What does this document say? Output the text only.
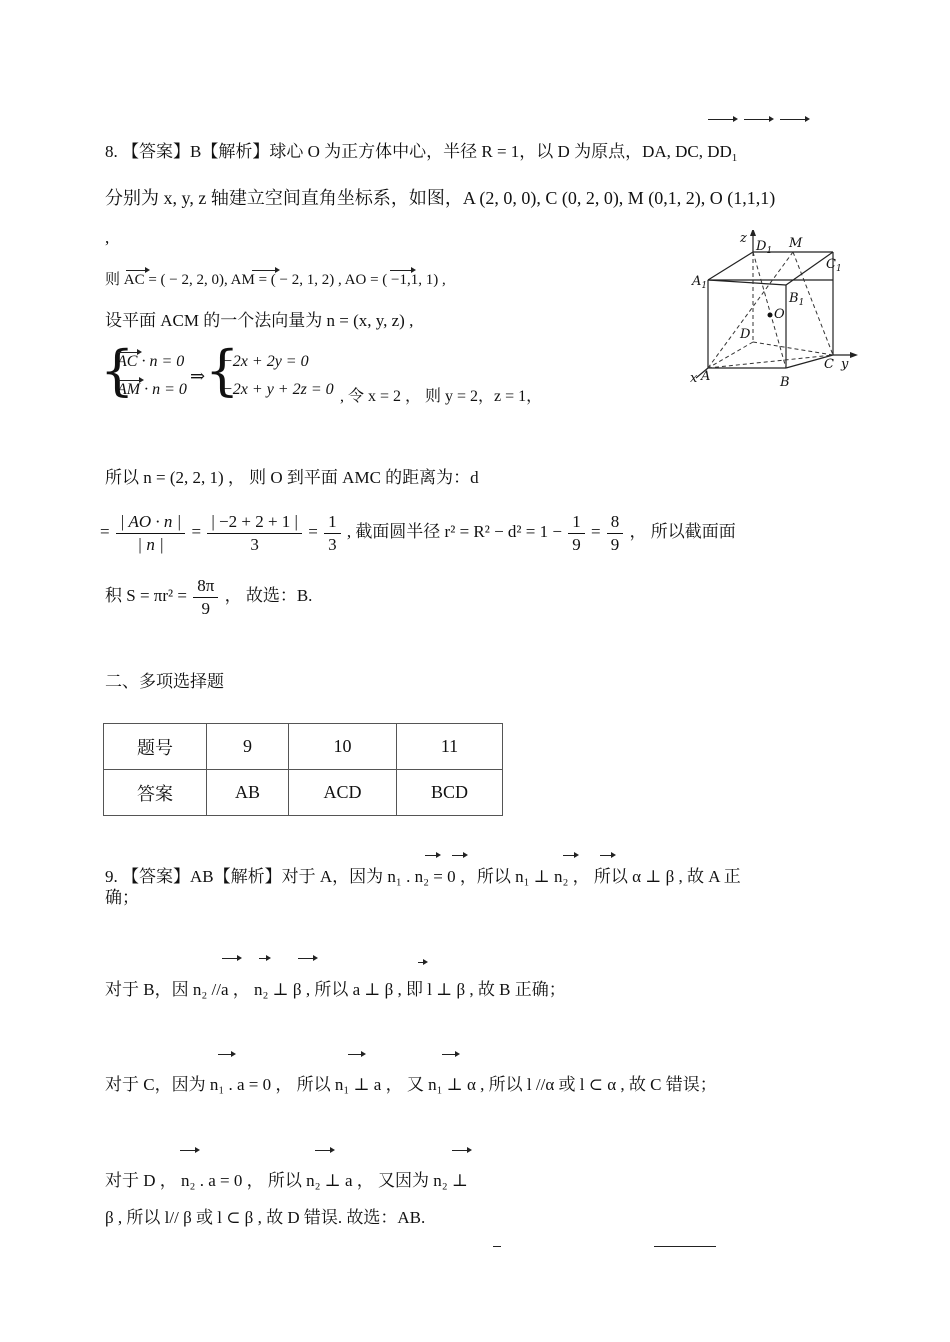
8. 【答案】B【解析】球心 O 为正方体中心，半径 R = 1，以 D 为原点，DA, DC, $DD_1$
分别为 x, y, z 轴建立空间直角坐标系，如图，A (2, 0, 0), C (0, 2, 0), M (0,1, 2), O (1,1,1)
,
则 AC = ( − 2, 2, 0), AM = ( − 2, 1, 2) , AO = ( −1,1, 1) ,
设平面 ACM 的一个法向量为 n = (x, y, z) ,
{
AC · n = 0
AM · n = 0
⇒ {
−2x + 2y = 0
−2x + y + 2z = 0 , 令 x = 2 ， 则 y = 2，z = 1，
z
$D_1$ M
$C_1$
$A_1$
$B_1$
O
D
C y
x A	B
所以 n = (2, 2, 1) ， 则 O 到平面 AMC 的距离为：d
= $\frac{| AO \cdot n |}{| n |} = \frac{| -2 + 2 + 1 |}{3} = \frac{1}{3}$ , 截面圆半径 $r^2 = R^2 - d^2 = 1 - \frac{1}{9} = \frac{8}{9}$ ， 所以截面面
积 $S = \pi r^2 = \frac{8\pi}{9}$ ， 故选：B.
二、多项选择题
题号	9	10	11
答案	AB	ACD	BCD
9. 【答案】AB【解析】对于 A，因为 n₁ . n₂ = 0 ，所以 n₁ ⊥ n₂ ， 所以 α ⊥ β , 故 A 正
确；
对于 B，因 n₂ //a ， n₂ ⊥ β , 所以 a ⊥ β , 即 l ⊥ β , 故 B 正确；
对于 C，因为 n₁ . a = 0 ， 所以 n₁ ⊥ a ， 又 n₁ ⊥ α , 所以 l //α 或 l ⊂ α , 故 C 错误；
对于 D ， n₂ . a = 0 ， 所以 n₂ ⊥ a ， 又因为 n₂ ⊥
β , 所以 l// β 或 l ⊂ β , 故 D 错误. 故选：AB.
